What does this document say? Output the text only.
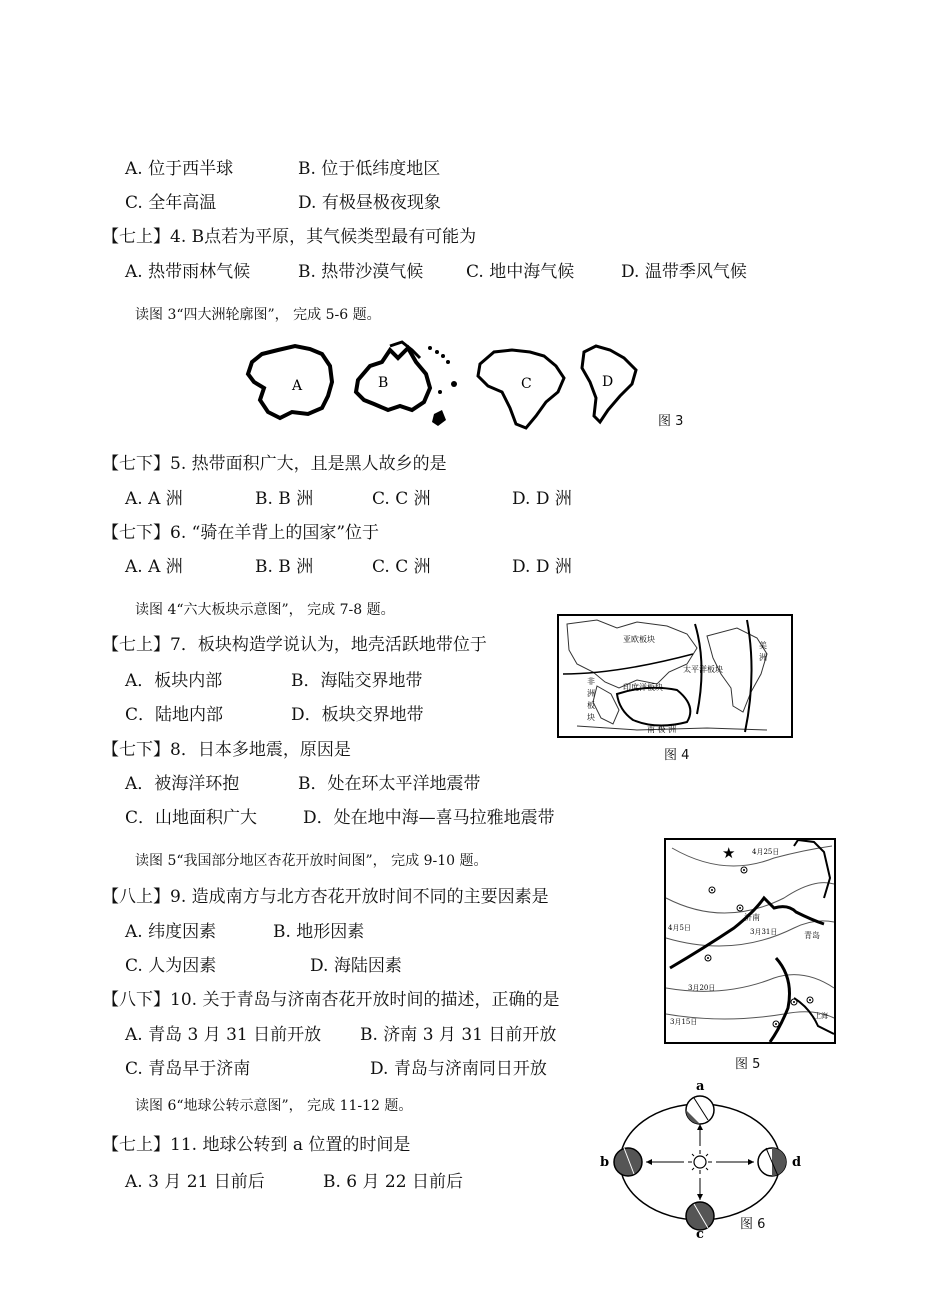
A. 位于西半球	B. 位于低纬度地区
C. 全年高温	D. 有极昼极夜现象
【七上】4. B点若为平原，其气候类型最有可能为
A. 热带雨林气候	B. 热带沙漠气候	C. 地中海气候	D. 温带季风气候
读图 3“四大洲轮廓图”， 完成 5-6 题。
A	B	C	D
图 3
【七下】5. 热带面积广大，且是黑人故乡的是
A. A 洲	B. B 洲	C. C 洲	D. D 洲
【七下】6. “骑在羊背上的国家”位于
A. A 洲	B. B 洲	C. C 洲	D. D 洲
读图 4“六大板块示意图”， 完成 7-8 题。
亚欧板块
美
洲
太平洋板块
印度洋板块
南 极 洲
非
洲
板
块
【七上】7．板块构造学说认为，地壳活跃地带位于
A．板块内部	B．海陆交界地带
C．陆地内部	D．板块交界地带
【七下】8．日本多地震，原因是	图 4
A．被海洋环抱	B．处在环太平洋地震带
C．山地面积广大	D．处在地中海—喜马拉雅地震带
读图 5“我国部分地区杏花开放时间图”， 完成 9-10 题。	★ 4月25日
4月5日
济南
3月31日	青岛
3月20日
3月15日
上海
【八上】9. 造成南方与北方杏花开放时间不同的主要因素是
A. 纬度因素	B. 地形因素
C. 人为因素	D. 海陆因素
【八下】10. 关于青岛与济南杏花开放时间的描述，正确的是
A. 青岛 3 月 31 日前开放 B. 济南 3 月 31 日前开放
图 5
C. 青岛早于济南	D. 青岛与济南同日开放
读图 6“地球公转示意图”， 完成 11-12 题。
a
b
c
d
图 6
【七上】11. 地球公转到 a 位置的时间是
A. 3 月 21 日前后	B. 6 月 22 日前后
